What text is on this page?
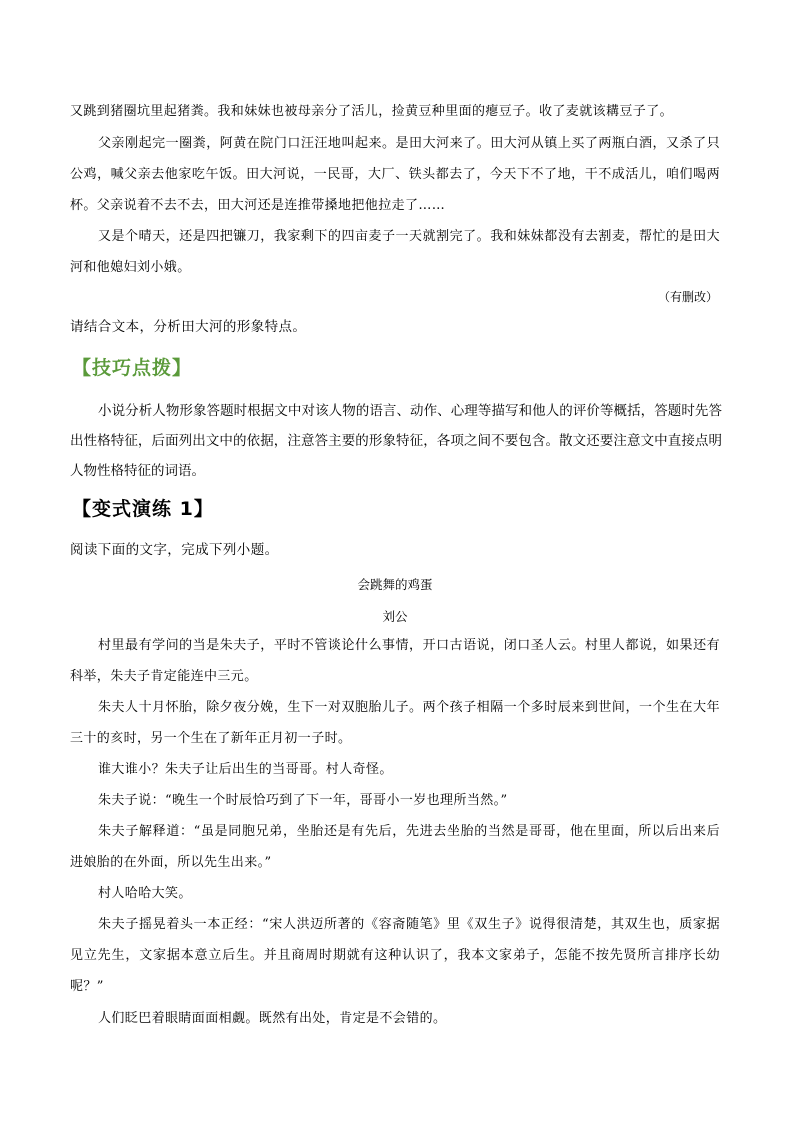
又跳到猪圈坑里起猪粪。我和妹妹也被母亲分了活儿，捡黄豆种里面的瘪豆子。收了麦就该耩豆子了。

父亲刚起完一圈粪，阿黄在院门口汪汪地叫起来。是田大河来了。田大河从镇上买了两瓶白酒，又杀了只公鸡，喊父亲去他家吃午饭。田大河说，一民哥，大厂、铁头都去了，今天下不了地，干不成活儿，咱们喝两杯。父亲说着不去不去，田大河还是连推带搡地把他拉走了……

又是个晴天，还是四把镰刀，我家剩下的四亩麦子一天就割完了。我和妹妹都没有去割麦，帮忙的是田大河和他媳妇刘小娥。

（有删改）

请结合文本，分析田大河的形象特点。

【技巧点拨】

小说分析人物形象答题时根据文中对该人物的语言、动作、心理等描写和他人的评价等概括，答题时先答出性格特征，后面列出文中的依据，注意答主要的形象特征，各项之间不要包含。散文还要注意文中直接点明人物性格特征的词语。

【变式演练 1】

阅读下面的文字，完成下列小题。

会跳舞的鸡蛋
刘公

村里最有学问的当是朱夫子，平时不管谈论什么事情，开口古语说，闭口圣人云。村里人都说，如果还有科举，朱夫子肯定能连中三元。

朱夫人十月怀胎，除夕夜分娩，生下一对双胞胎儿子。两个孩子相隔一个多时辰来到世间，一个生在大年三十的亥时，另一个生在了新年正月初一子时。

谁大谁小？朱夫子让后出生的当哥哥。村人奇怪。

朱夫子说：“晚生一个时辰恰巧到了下一年，哥哥小一岁也理所当然。”

朱夫子解释道：“虽是同胞兄弟，坐胎还是有先后，先进去坐胎的当然是哥哥，他在里面，所以后出来后进娘胎的在外面，所以先生出来。”

村人哈哈大笑。

朱夫子摇晃着头一本正经：“宋人洪迈所著的《容斋随笔》里《双生子》说得很清楚，其双生也，质家据见立先生，文家据本意立后生。并且商周时期就有这种认识了，我本文家弟子，怎能不按先贤所言排序长幼呢？”

人们眨巴着眼睛面面相觑。既然有出处，肯定是不会错的。
